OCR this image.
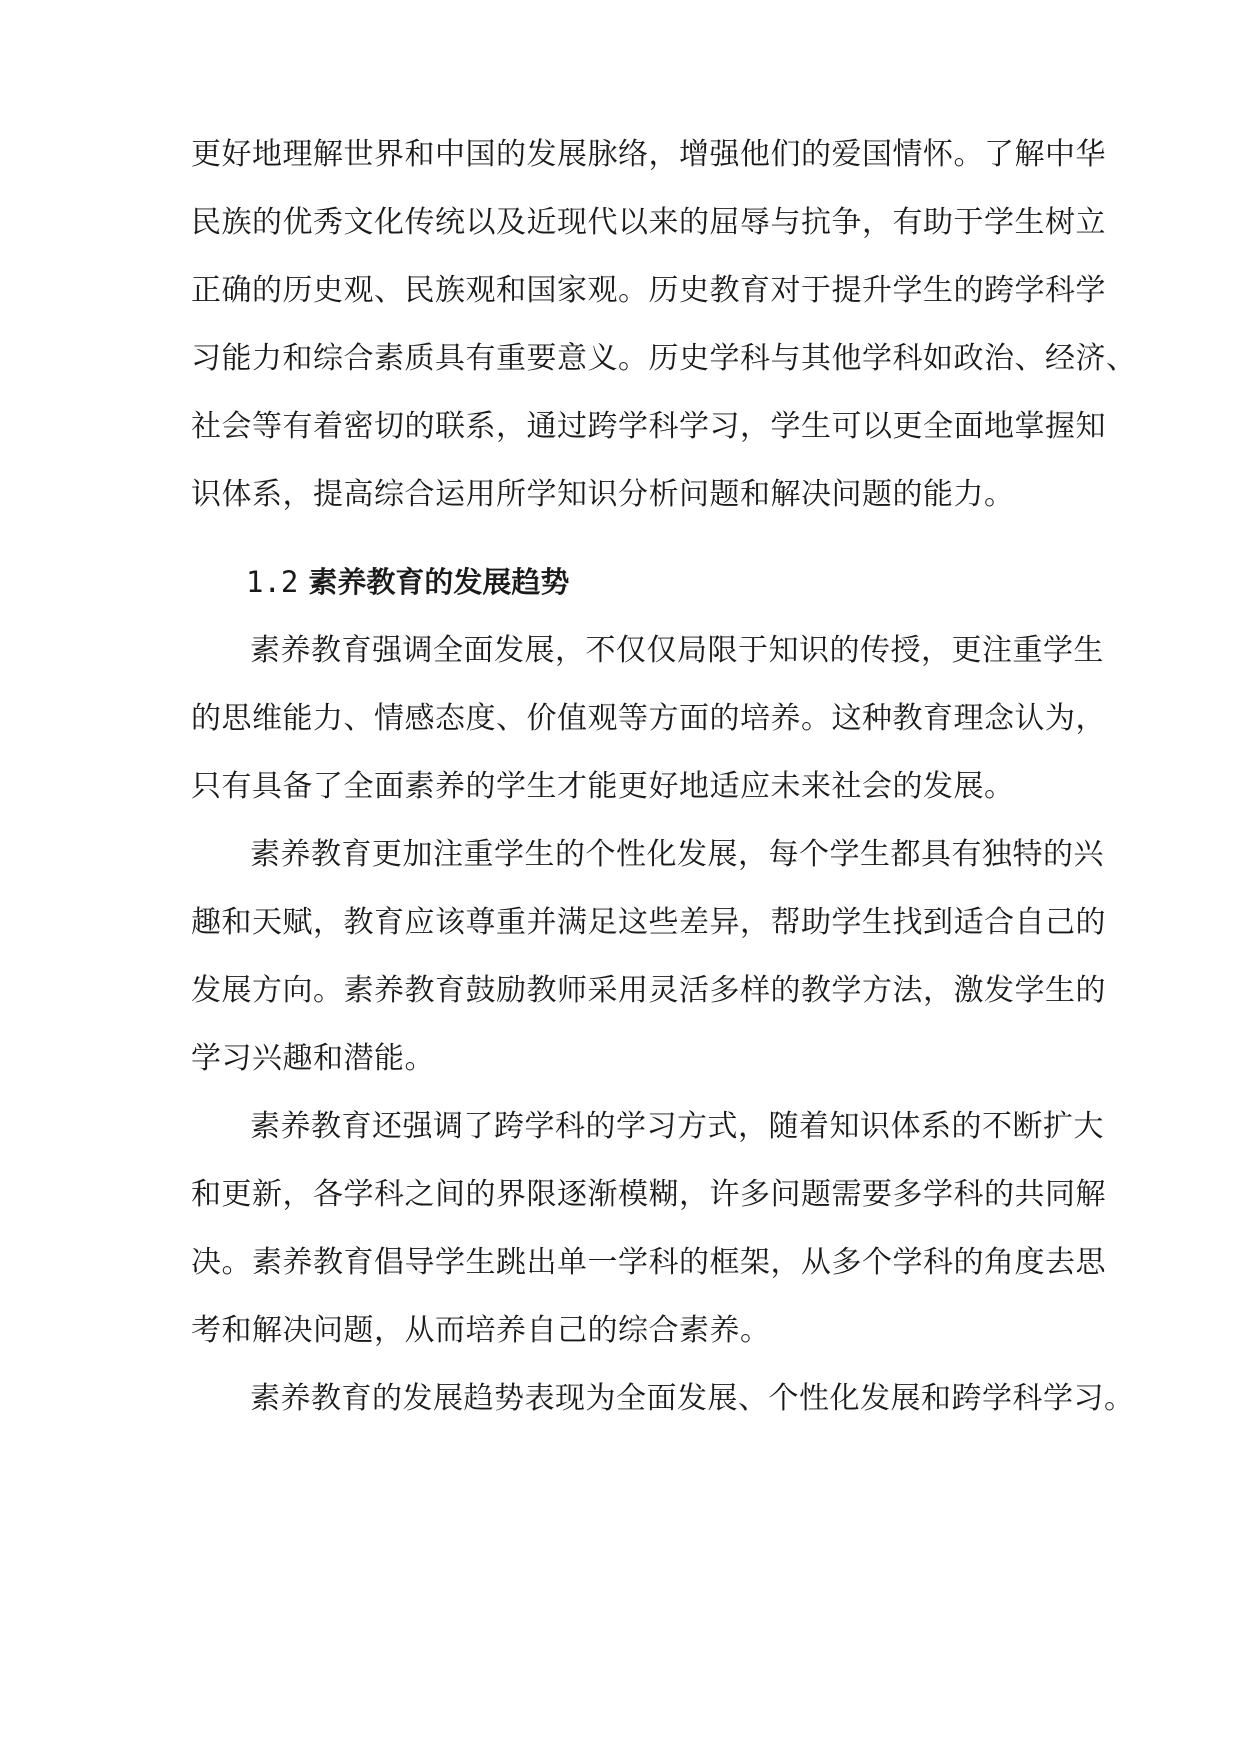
更好地理解世界和中国的发展脉络，增强他们的爱国情怀。了解中华
民族的优秀文化传统以及近现代以来的屈辱与抗争，有助于学生树立
正确的历史观、民族观和国家观。历史教育对于提升学生的跨学科学
习能力和综合素质具有重要意义。历史学科与其他学科如政治、经济、
社会等有着密切的联系，通过跨学科学习，学生可以更全面地掌握知
识体系，提高综合运用所学知识分析问题和解决问题的能力。
1.2 素养教育的发展趋势
素养教育强调全面发展，不仅仅局限于知识的传授，更注重学生
的思维能力、情感态度、价值观等方面的培养。这种教育理念认为，
只有具备了全面素养的学生才能更好地适应未来社会的发展。
素养教育更加注重学生的个性化发展，每个学生都具有独特的兴
趣和天赋，教育应该尊重并满足这些差异，帮助学生找到适合自己的
发展方向。素养教育鼓励教师采用灵活多样的教学方法，激发学生的
学习兴趣和潜能。
素养教育还强调了跨学科的学习方式，随着知识体系的不断扩大
和更新，各学科之间的界限逐渐模糊，许多问题需要多学科的共同解
决。素养教育倡导学生跳出单一学科的框架，从多个学科的角度去思
考和解决问题，从而培养自己的综合素养。
素养教育的发展趋势表现为全面发展、个性化发展和跨学科学习。
